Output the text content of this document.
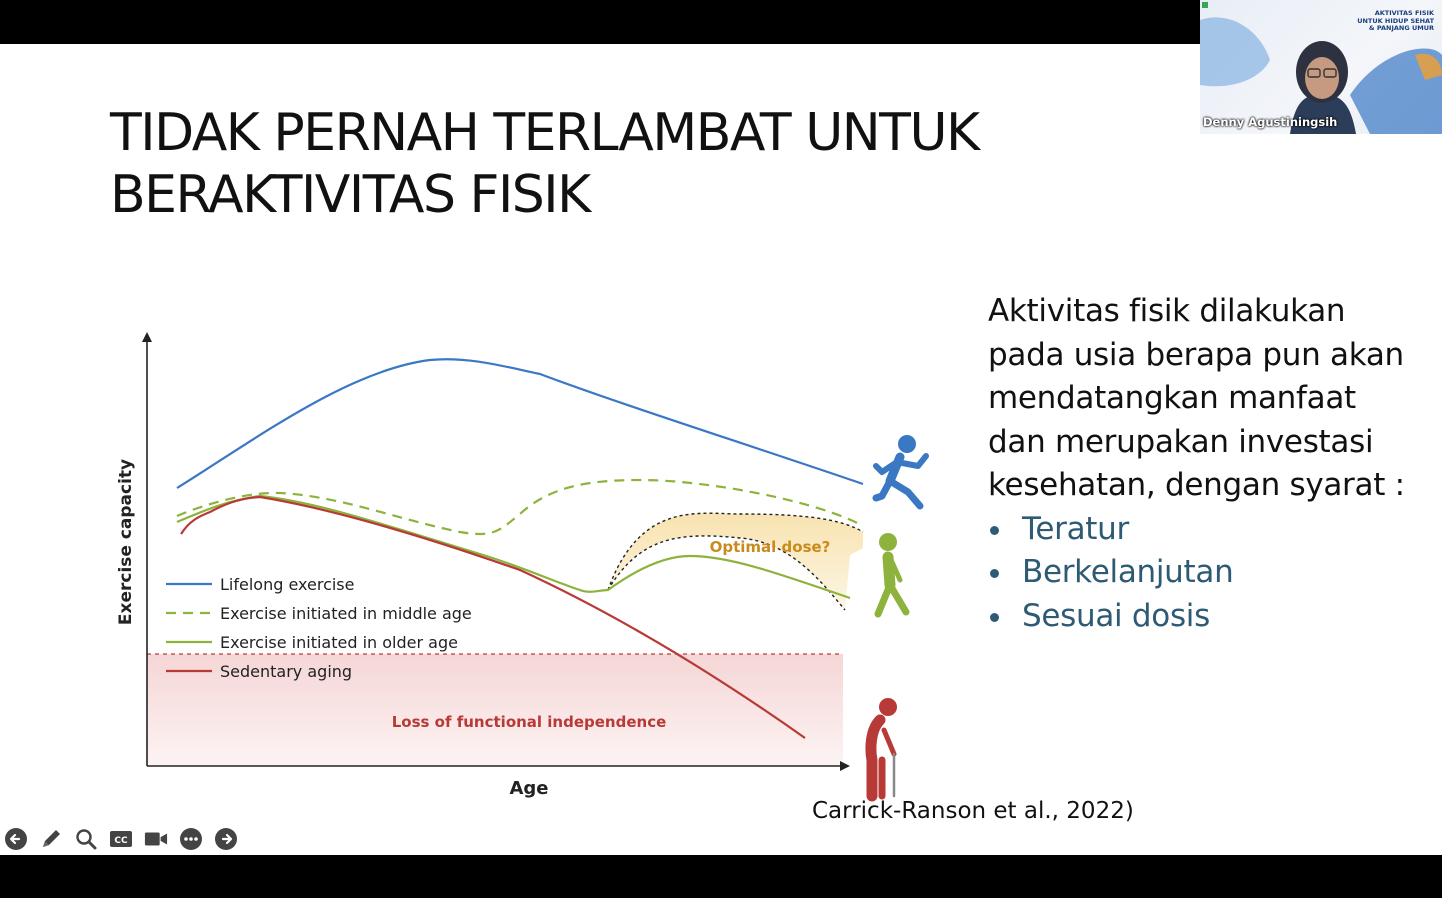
TIDAK PERNAH TERLAMBAT UNTUK
BERAKTIVITAS FISIK
Loss of functional independence
Optimal dose?
Exercise capacity
Age
Lifelong exercise
Exercise initiated in middle age
Exercise initiated in older age
Sedentary aging
Aktivitas fisik dilakukan pada usia berapa pun akan mendatangkan manfaat dan merupakan investasi kesehatan, dengan syarat :
Teratur
Berkelanjutan
Sesuai dosis
Carrick-Ranson et al., 2022)
CC
AKTIVITAS FISIK UNTUK HIDUP SEHAT & PANJANG UMUR
Denny Agustiningsih
